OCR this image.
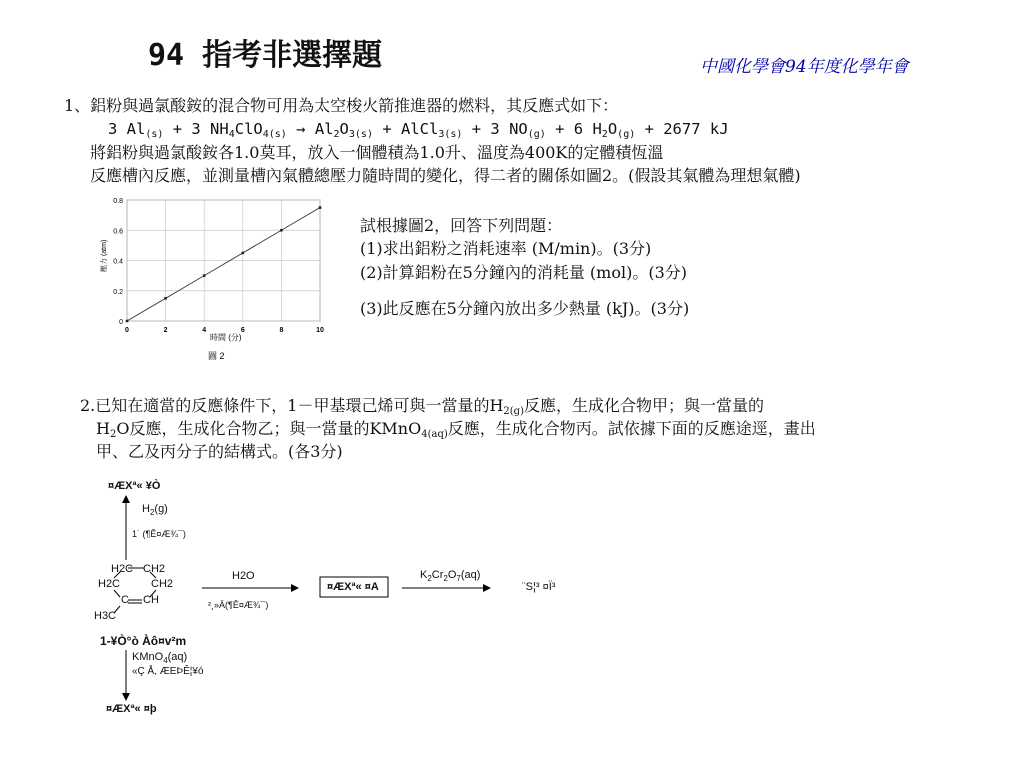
94 指考非選擇題	中國化學會94年度化學年會
1、鋁粉與過氯酸銨的混合物可用為太空梭火箭推進器的燃料，其反應式如下：
3 $Al_{(s)} + 3$ $NH_4ClO_{4(s)} \to Al_2O_{3(s)}$ + AlCl$_{3(s)}$ + 3 $NO_{(g)} + 6$ $H_2O_{(g)} + 2677$ kJ
將鋁粉與過氯酸銨各1.0莫耳，放入一個體積為1.0升、溫度為400K的定體積恆溫
反應槽內反應，並測量槽內氣體總壓力隨時間的變化，得二者的關係如圖2。(假設其氣體為理想氣體)
0
0.2
0.4
0.6
0.8
0	2	4	6	8	10
壓力 (atm)
時間 (分)
圖 2
試根據圖2，回答下列問題：
(1)求出鋁粉之消耗速率 (M/min)。(3分)
(2)計算鋁粉在5分鐘內的消耗量 (mol)。(3分)
(3)此反應在5分鐘內放出多少熱量 (kJ)。(3分)
2.已知在適當的反應條件下，1－甲基環己烯可與一當量的$H_{2(g)}$反應，生成化合物甲；與一當量的
$H_2O$反應，生成化合物乙；與一當量的KMnO$_{4(aq)}$反應，生成化合物丙。試依據下面的反應途逕，畫出
甲、乙及丙分子的結構式。(各3分)
¤ÆXª« ¥Ò
$H_2(g)$
1˙ (¶Ê¤Æ¾¯)
H2C CH2
H2C	CH2
C CH
H3C
H2O
²¸»Ä(¶Ê¤Æ¾¯)
¤ÆXª« ¤A
$K_2Cr_2O_7(aq)$
¨S¦³ ¤Ï³
1-¥Ò°ò Àô¤v²m
KMnO$_4$(aq)
«Ç Å, ÆEÞÊ¦¥ó
¤ÆXª« ¤þ
